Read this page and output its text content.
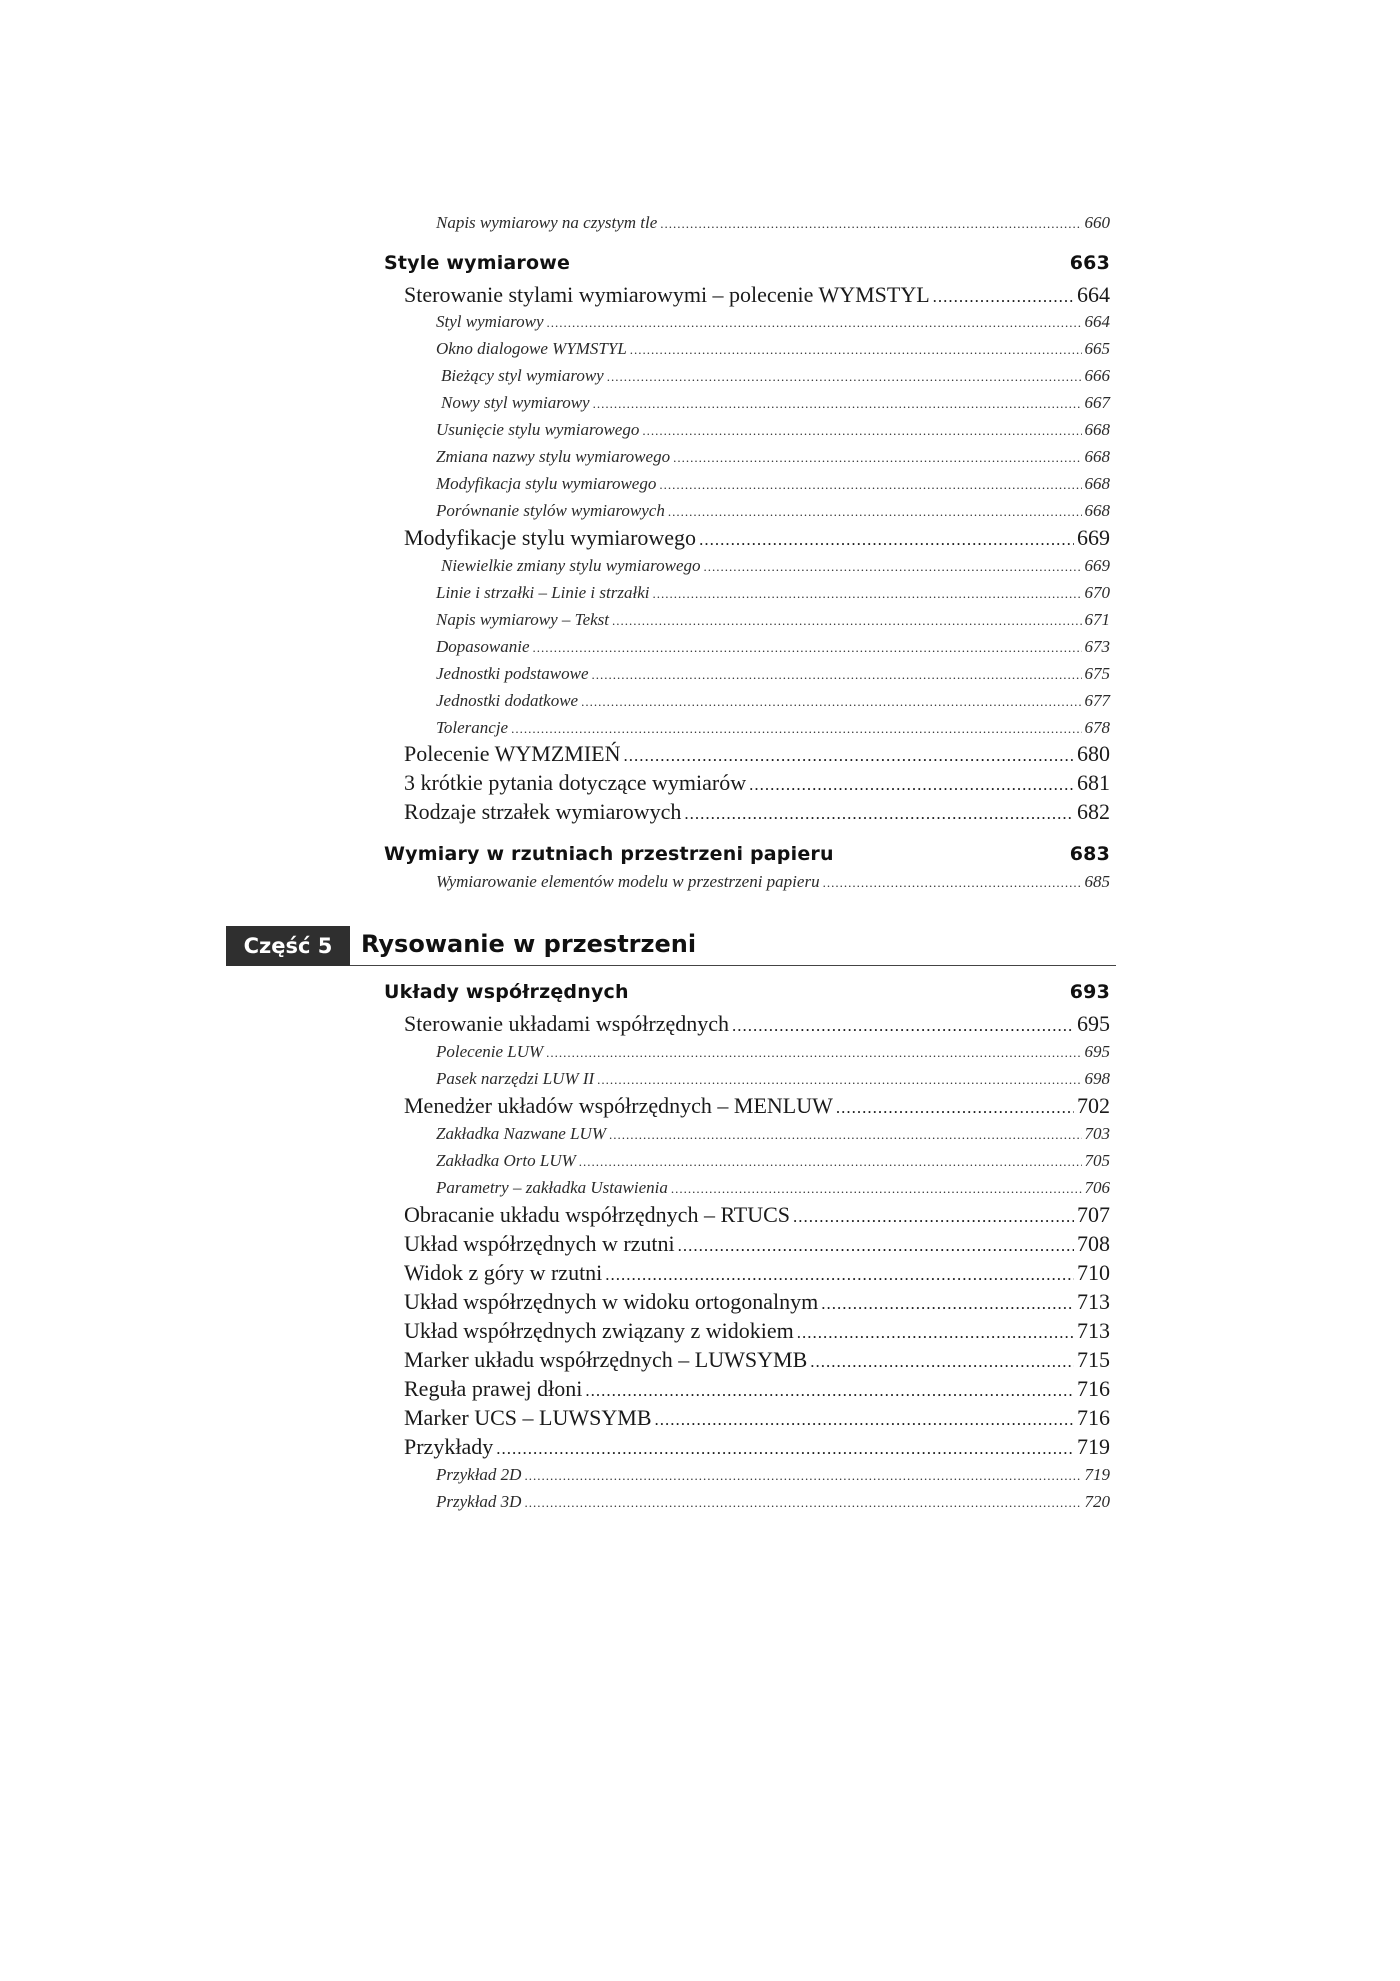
Napis wymiarowy na czystym tle .....	660
Style wymiarowe	663
Sterowanie stylami wymiarowymi – polecenie WYMSTYL .....	664
Styl wymiarowy .....	664
Okno dialogowe WYMSTYL .....	665
Bieżący styl wymiarowy .....	666
Nowy styl wymiarowy .....	667
Usunięcie stylu wymiarowego .....	668
Zmiana nazwy stylu wymiarowego .....	668
Modyfikacja stylu wymiarowego .....	668
Porównanie stylów wymiarowych .....	668
Modyfikacje stylu wymiarowego .....	669
Niewielkie zmiany stylu wymiarowego .....	669
Linie i strzałki – Linie i strzałki .....	670
Napis wymiarowy – Tekst .....	671
Dopasowanie .....	673
Jednostki podstawowe .....	675
Jednostki dodatkowe .....	677
Tolerancje .....	678
Polecenie WYMZMIEŃ .....	680
3 krótkie pytania dotyczące wymiarów .....	681
Rodzaje strzałek wymiarowych .....	682
Wymiary w rzutniach przestrzeni papieru	683
Wymiarowanie elementów modelu w przestrzeni papieru .....	685
Część 5	Rysowanie w przestrzeni
Układy współrzędnych	693
Sterowanie układami współrzędnych .....	695
Polecenie LUW .....	695
Pasek narzędzi LUW II .....	698
Menedżer układów współrzędnych – MENLUW .....	702
Zakładka Nazwane LUW .....	703
Zakładka Orto LUW .....	705
Parametry – zakładka Ustawienia .....	706
Obracanie układu współrzędnych – RTUCS .....	707
Układ współrzędnych w rzutni .....	708
Widok z góry w rzutni .....	710
Układ współrzędnych w widoku ortogonalnym .....	713
Układ współrzędnych związany z widokiem .....	713
Marker układu współrzędnych – LUWSYMB .....	715
Reguła prawej dłoni .....	716
Marker UCS – LUWSYMB .....	716
Przykłady .....	719
Przykład 2D .....	719
Przykład 3D .....	720
